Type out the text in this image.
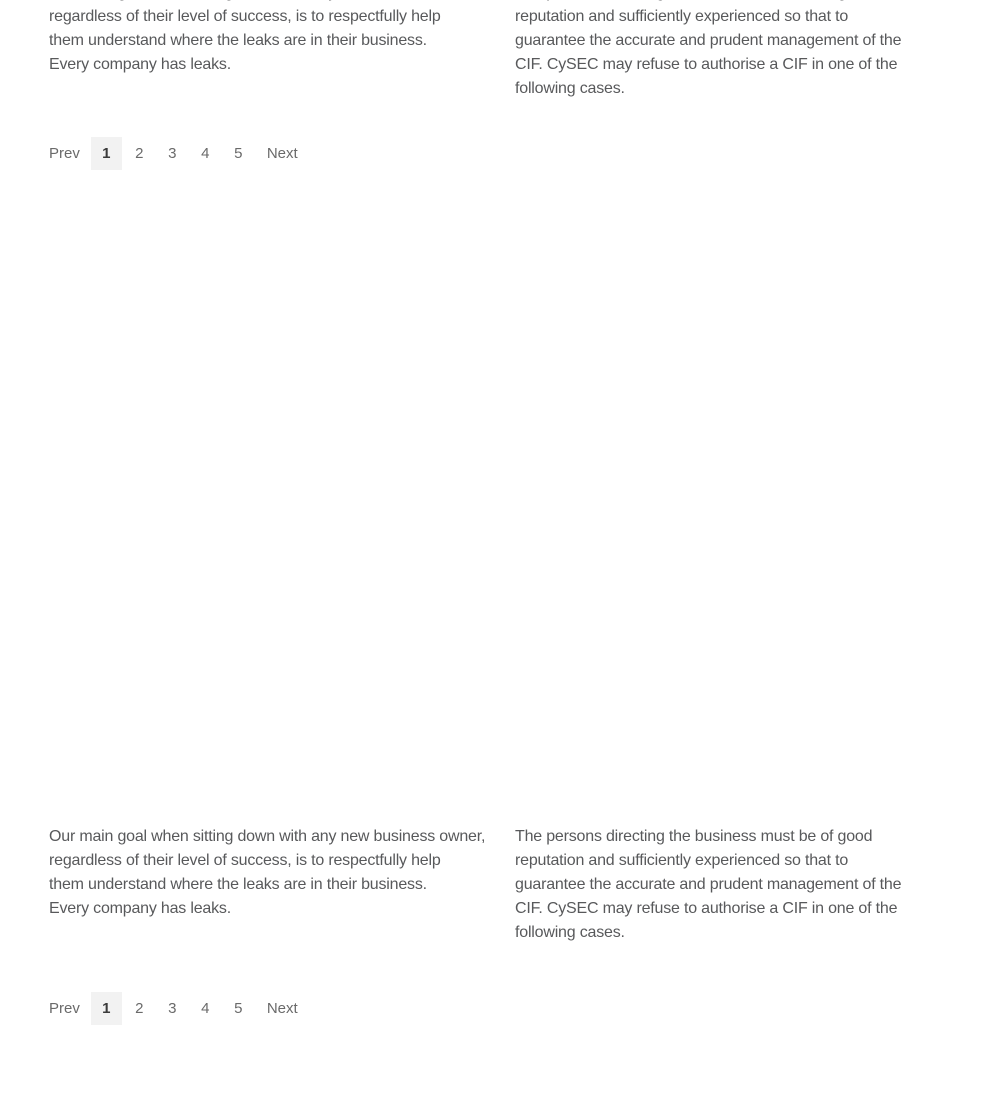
regardless of their level of success, is to respectfully help
them understand where the leaks are in their business.
Every company has leaks.
reputation and sufficiently experienced so that to
guarantee the accurate and prudent management of the
CIF. CySEC may refuse to authorise a CIF in one of the
following cases.
Prev	1	2	3	4	5	Next
Our main goal when sitting down with any new business owner,
regardless of their level of success, is to respectfully help
them understand where the leaks are in their business.
Every company has leaks.
The persons directing the business must be of good
reputation and sufficiently experienced so that to
guarantee the accurate and prudent management of the
CIF. CySEC may refuse to authorise a CIF in one of the
following cases.
Prev	1	2	3	4	5	Next
